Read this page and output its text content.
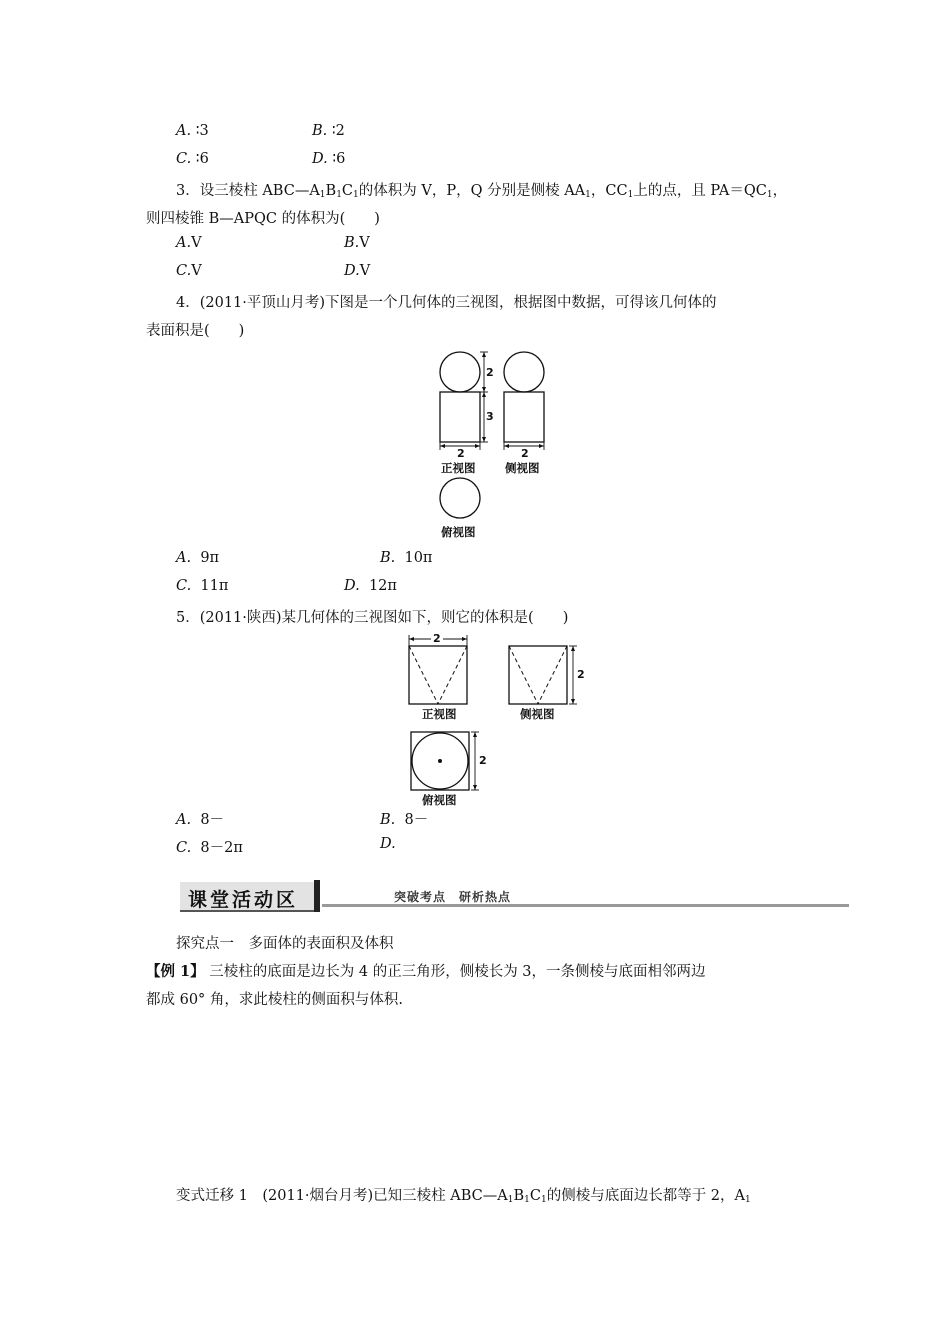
A. ∶3	B. ∶2
C. ∶6	D. ∶6
3．设三棱柱 $ABC—A_1B_1C_1$的体积为 V，P，Q 分别是侧棱 $AA_1$，$CC_1$上的点，且 $PA=QC_1$，
则四棱锥 B—APQC 的体积为(　　)
A.V	B.V
C.V	D.V
4．(2011·平顶山月考)下图是一个几何体的三视图，根据图中数据，可得该几何体的
表面积是(　　)
2
3
2	2
正视图	侧视图
俯视图
A. 9π	B. 10π
C. 11π	D. 12π
5．(2011·陕西)某几何体的三视图如下，则它的体积是(　　)
2
2
2
正视图	侧视图
俯视图
A. 8－	B. 8－
C. 8－2π	D.
课堂活动区	突破考点　研析热点
探究点一　多面体的表面积及体积
【例 1】 三棱柱的底面是边长为 4 的正三角形，侧棱长为 3，一条侧棱与底面相邻两边
都成 60° 角，求此棱柱的侧面积与体积.
变式迁移 1　(2011·烟台月考)已知三棱柱 $ABC—A_1B_1C_1$的侧棱与底面边长都等于 2，$A_1$
